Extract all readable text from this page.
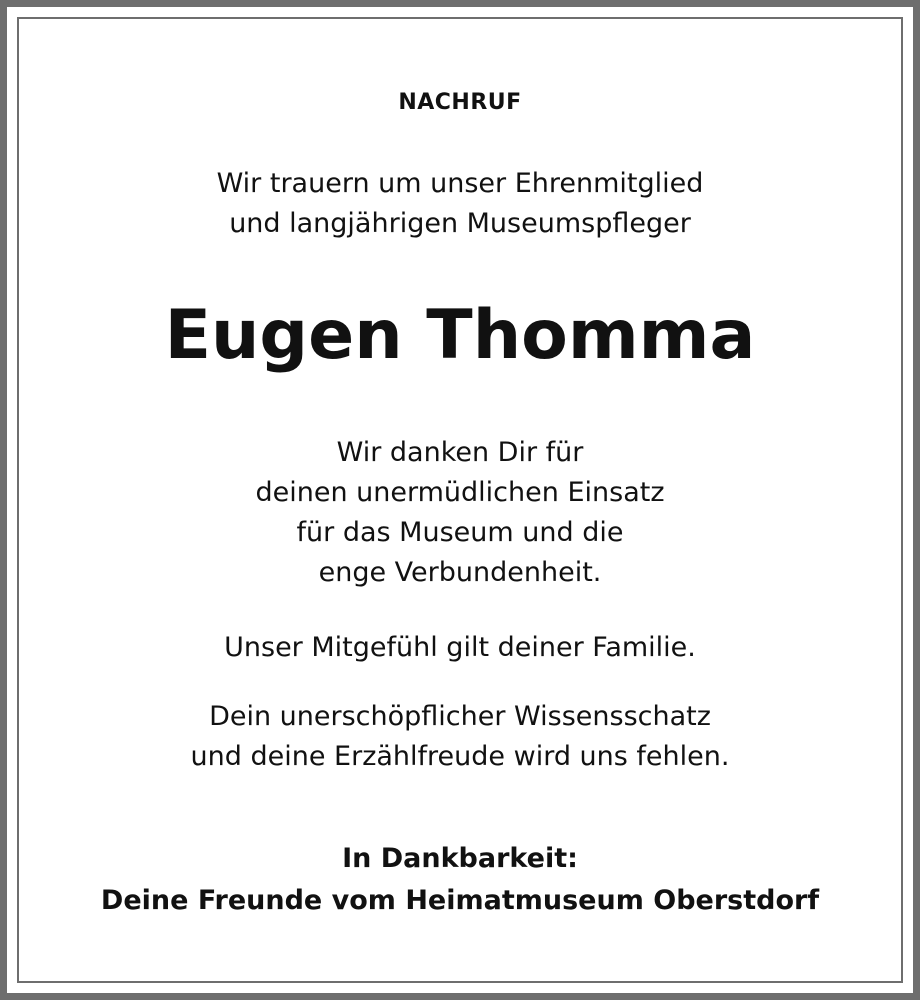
NACHRUF
Wir trauern um unser Ehrenmitglied
und langjährigen Museumspfleger
Eugen Thomma
Wir danken Dir für
deinen unermüdlichen Einsatz
für das Museum und die
enge Verbundenheit.
Unser Mitgefühl gilt deiner Familie.
Dein unerschöpflicher Wissensschatz
und deine Erzählfreude wird uns fehlen.
In Dankbarkeit:
Deine Freunde vom Heimatmuseum Oberstdorf
